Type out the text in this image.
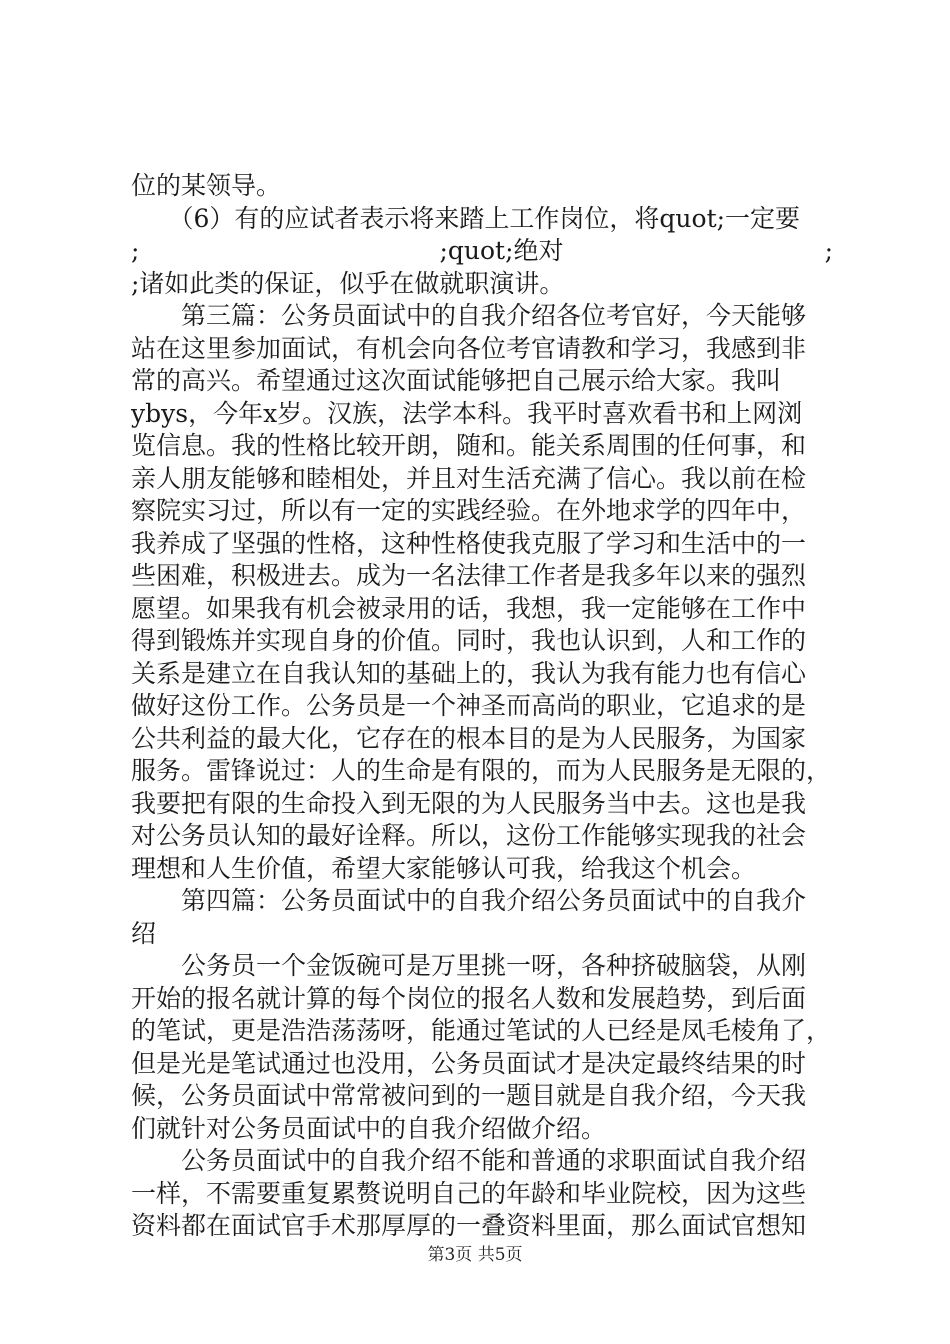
位的某领导。
　　（6）有的应试者表示将来踏上工作岗位，将quot;一定要
;	;quot;绝对	;
;诸如此类的保证，似乎在做就职演讲。
　　第三篇：公务员面试中的自我介绍各位考官好，今天能够
站在这里参加面试，有机会向各位考官请教和学习，我感到非
常的高兴。希望通过这次面试能够把自己展示给大家。我叫
ybys，今年x岁。汉族，法学本科。我平时喜欢看书和上网浏
览信息。我的性格比较开朗，随和。能关系周围的任何事，和
亲人朋友能够和睦相处，并且对生活充满了信心。我以前在检
察院实习过，所以有一定的实践经验。在外地求学的四年中，
我养成了坚强的性格，这种性格使我克服了学习和生活中的一
些困难，积极进去。成为一名法律工作者是我多年以来的强烈
愿望。如果我有机会被录用的话，我想，我一定能够在工作中
得到锻炼并实现自身的价值。同时，我也认识到，人和工作的
关系是建立在自我认知的基础上的，我认为我有能力也有信心
做好这份工作。公务员是一个神圣而高尚的职业，它追求的是
公共利益的最大化，它存在的根本目的是为人民服务，为国家
服务。雷锋说过：人的生命是有限的，而为人民服务是无限的，
我要把有限的生命投入到无限的为人民服务当中去。这也是我
对公务员认知的最好诠释。所以，这份工作能够实现我的社会
理想和人生价值，希望大家能够认可我，给我这个机会。
　　第四篇：公务员面试中的自我介绍公务员面试中的自我介
绍
　　公务员一个金饭碗可是万里挑一呀，各种挤破脑袋，从刚
开始的报名就计算的每个岗位的报名人数和发展趋势，到后面
的笔试，更是浩浩荡荡呀，能通过笔试的人已经是凤毛棱角了，
但是光是笔试通过也没用，公务员面试才是决定最终结果的时
候，公务员面试中常常被问到的一题目就是自我介绍，今天我
们就针对公务员面试中的自我介绍做介绍。
　　公务员面试中的自我介绍不能和普通的求职面试自我介绍
一样，不需要重复累赘说明自己的年龄和毕业院校，因为这些
资料都在面试官手术那厚厚的一叠资料里面，那么面试官想知
第3页 共5页
